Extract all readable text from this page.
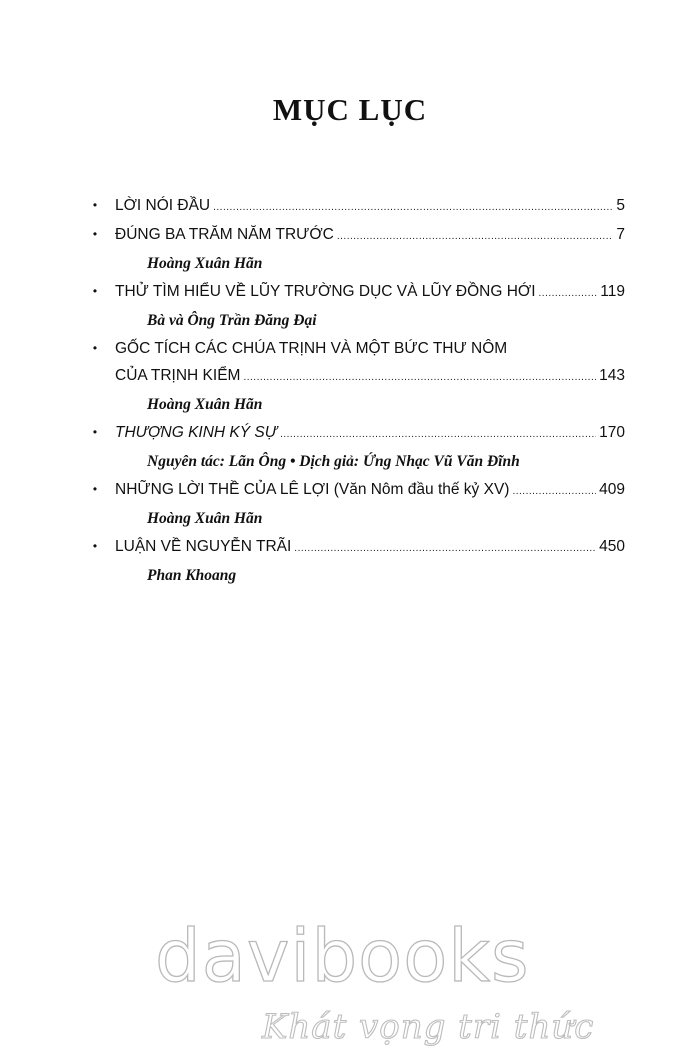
MỤC LỤC
• LỜI NÓI ĐẦU .....	5
• ĐÚNG BA TRĂM NĂM TRƯỚC .....	7
Hoàng Xuân Hãn
• THỬ TÌM HIỂU VỀ LŨY TRƯỜNG DỤC VÀ LŨY ĐỒNG HỚI .....	119
Bà và Ông Trần Đăng Đại
• GỐC TÍCH CÁC CHÚA TRỊNH VÀ MỘT BỨC THƯ NÔM
CỦA TRỊNH KIỂM .....	143
Hoàng Xuân Hãn
• THƯỢNG KINH KÝ SỰ .....	170
Nguyên tác: Lãn Ông • Dịch giả: Ứng Nhạc Vũ Văn Đĩnh
• NHỮNG LỜI THỀ CỦA LÊ LỢI (Văn Nôm đầu thế kỷ XV) .....	409
Hoàng Xuân Hãn
• LUẬN VỀ NGUYỄN TRÃI .....	450
Phan Khoang
davibooks
Khát vọng tri thức
